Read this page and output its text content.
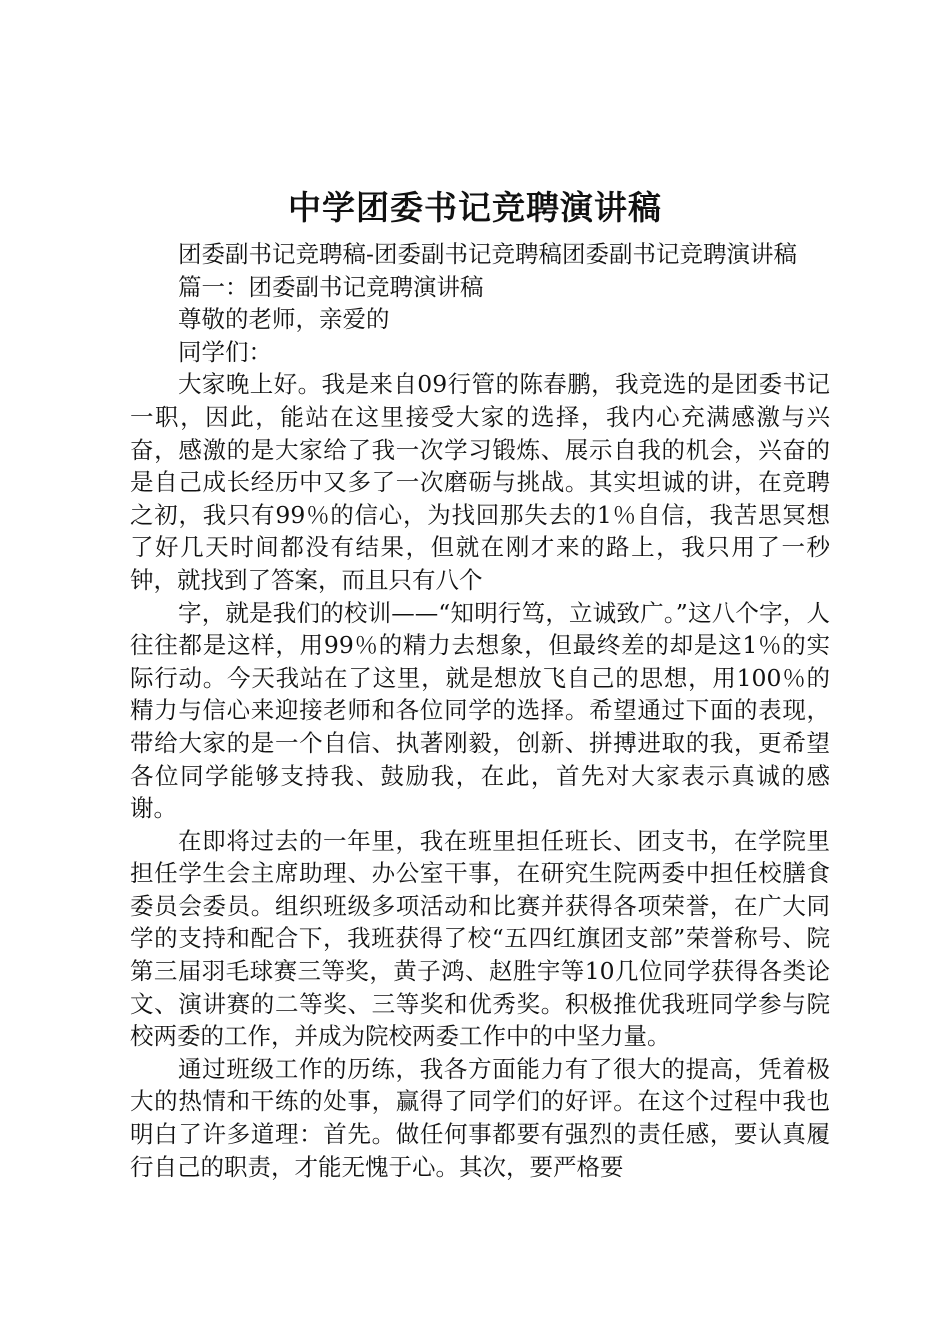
中学团委书记竞聘演讲稿

团委副书记竞聘稿-团委副书记竞聘稿团委副书记竞聘演讲稿

篇一：团委副书记竞聘演讲稿

尊敬的老师，亲爱的

同学们：

大家晚上好。我是来自09行管的陈春鹏，我竞选的是团委书记一职，因此，能站在这里接受大家的选择，我内心充满感激与兴奋，感激的是大家给了我一次学习锻炼、展示自我的机会，兴奋的是自己成长经历中又多了一次磨砺与挑战。其实坦诚的讲，在竞聘之初，我只有99％的信心，为找回那失去的1％自信，我苦思冥想了好几天时间都没有结果，但就在刚才来的路上，我只用了一秒钟，就找到了答案，而且只有八个

字，就是我们的校训——“知明行笃，立诚致广。”这八个字，人往往都是这样，用99％的精力去想象，但最终差的却是这1％的实际行动。今天我站在了这里，就是想放飞自己的思想，用100％的精力与信心来迎接老师和各位同学的选择。希望通过下面的表现，带给大家的是一个自信、执著刚毅，创新、拼搏进取的我，更希望各位同学能够支持我、鼓励我，在此，首先对大家表示真诚的感谢。

在即将过去的一年里，我在班里担任班长、团支书，在学院里担任学生会主席助理、办公室干事，在研究生院两委中担任校膳食委员会委员。组织班级多项活动和比赛并获得各项荣誉，在广大同学的支持和配合下，我班获得了校“五四红旗团支部”荣誉称号、院第三届羽毛球赛三等奖，黄子鸿、赵胜宇等10几位同学获得各类论文、演讲赛的二等奖、三等奖和优秀奖。积极推优我班同学参与院校两委的工作，并成为院校两委工作中的中坚力量。

通过班级工作的历练，我各方面能力有了很大的提高，凭着极大的热情和干练的处事，赢得了同学们的好评。在这个过程中我也明白了许多道理：首先。做任何事都要有强烈的责任感，要认真履行自己的职责，才能无愧于心。其次，要严格要
